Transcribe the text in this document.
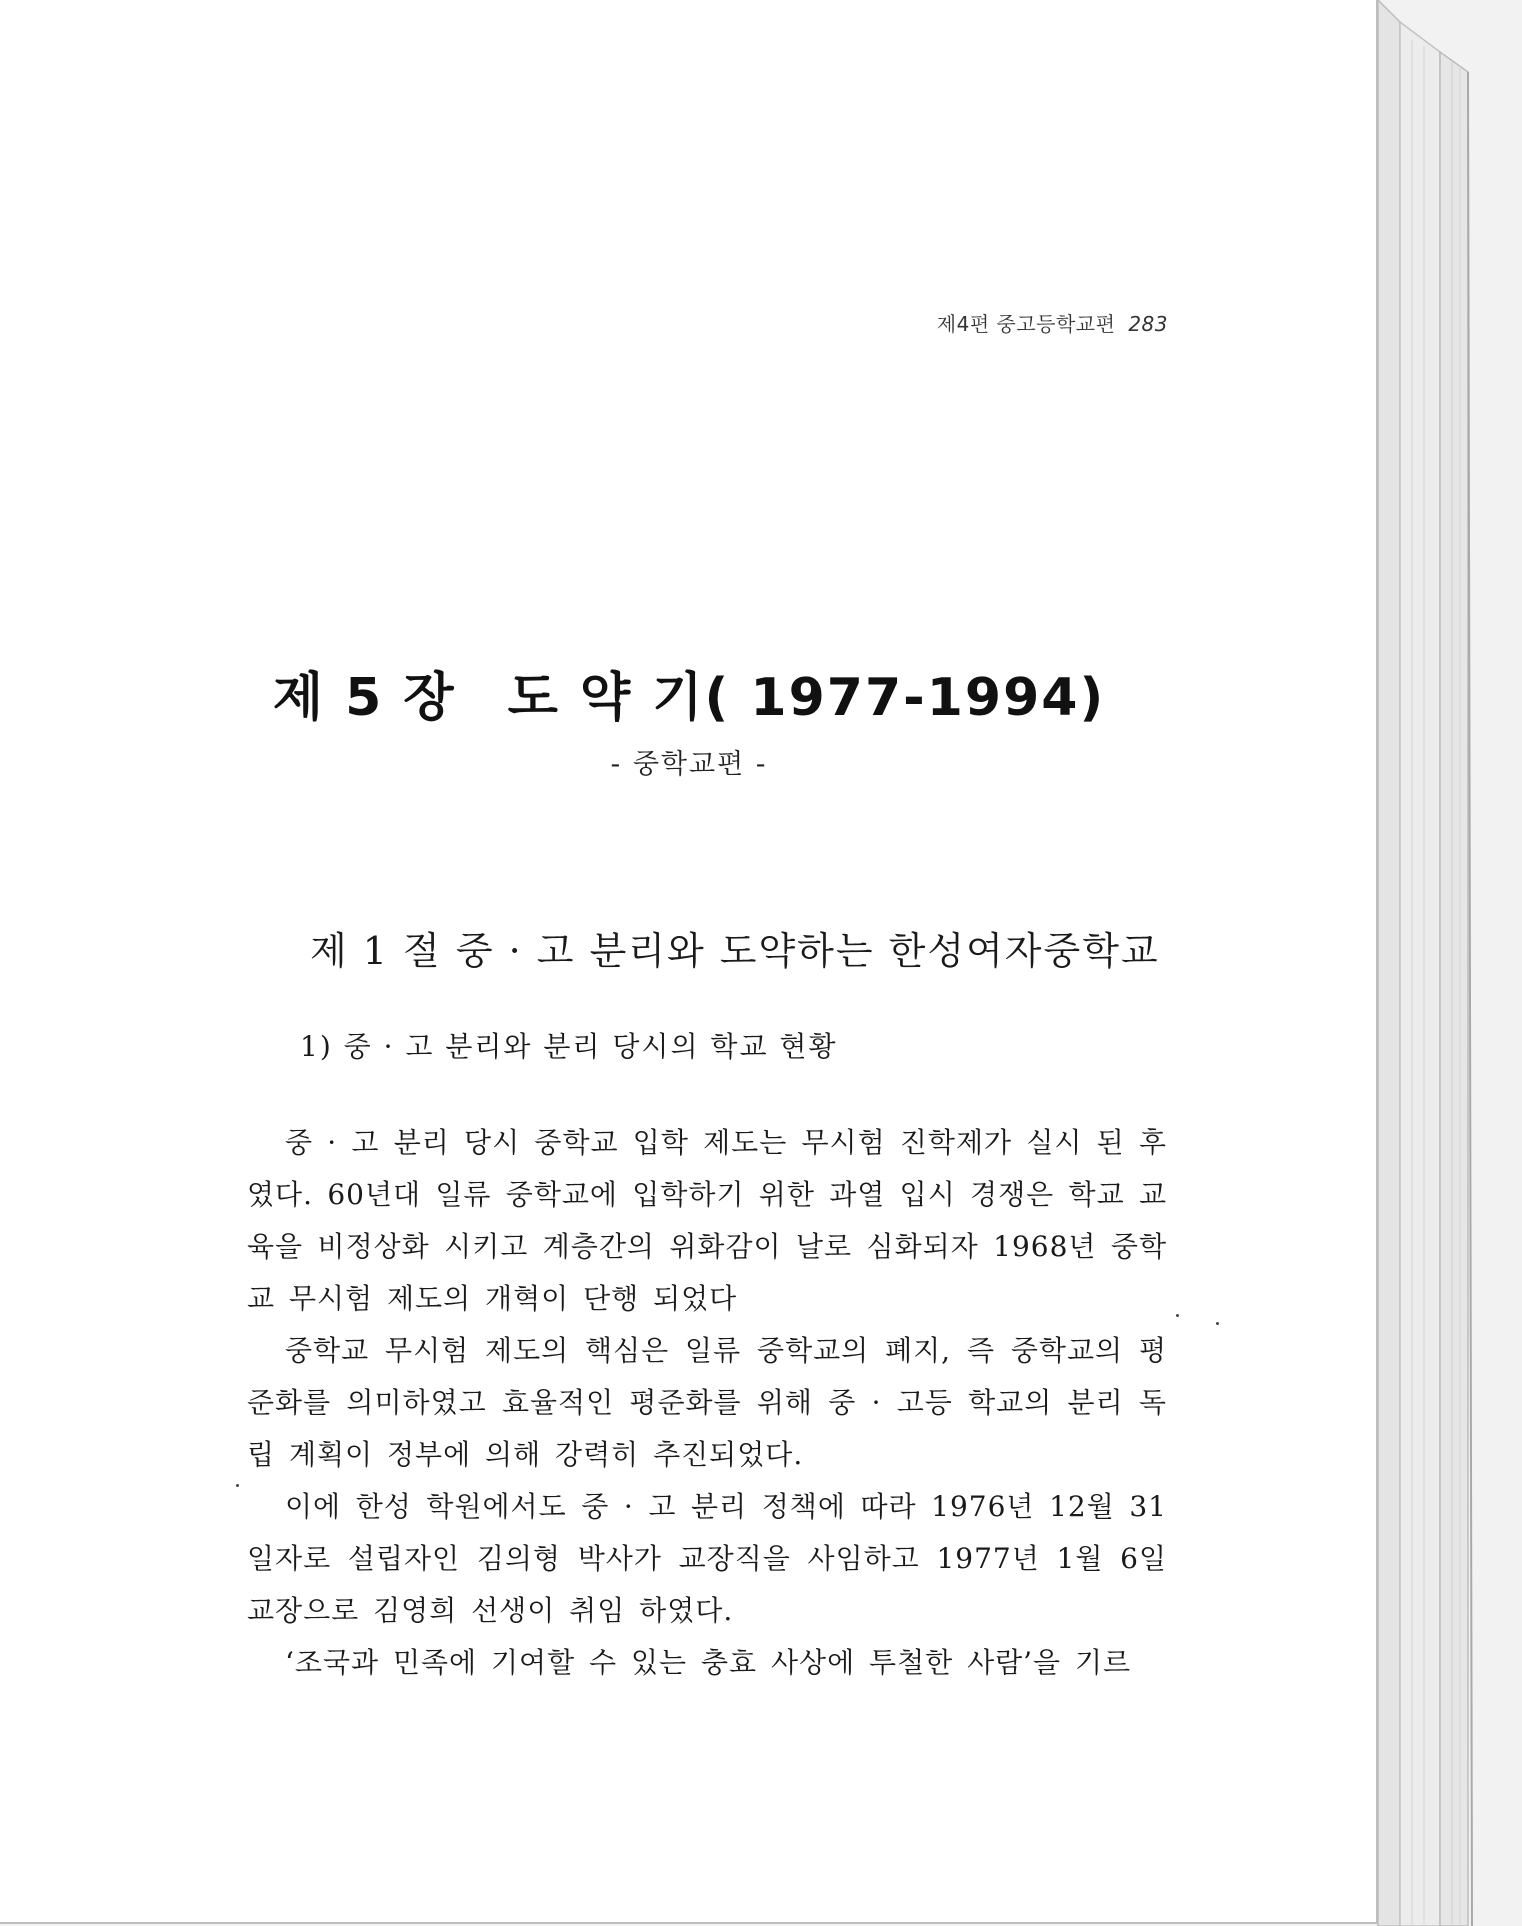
제4편 중고등학교편 283
제 5 장 도 약 기( 1977-1994)
- 중학교편 -
제 1 절 중 · 고 분리와 도약하는 한성여자중학교
1) 중 · 고 분리와 분리 당시의 학교 현황

중 · 고 분리 당시 중학교 입학 제도는 무시험 진학제가 실시 된 후였다. 60년대 일류 중학교에 입학하기 위한 과열 입시 경쟁은 학교 교육을 비정상화 시키고 계층간의 위화감이 날로 심화되자 1968년 중학교 무시험 제도의 개혁이 단행 되었다

중학교 무시험 제도의 핵심은 일류 중학교의 폐지, 즉 중학교의 평준화를 의미하였고 효율적인 평준화를 위해 중 · 고등 학교의 분리 독립 계획이 정부에 의해 강력히 추진되었다.

이에 한성 학원에서도 중 · 고 분리 정책에 따라 1976년 12월 31일자로 설립자인 김의형 박사가 교장직을 사임하고 1977년 1월 6일 교장으로 김영희 선생이 취임 하였다.

‘조국과 민족에 기여할 수 있는 충효 사상에 투철한 사람’을 기르
